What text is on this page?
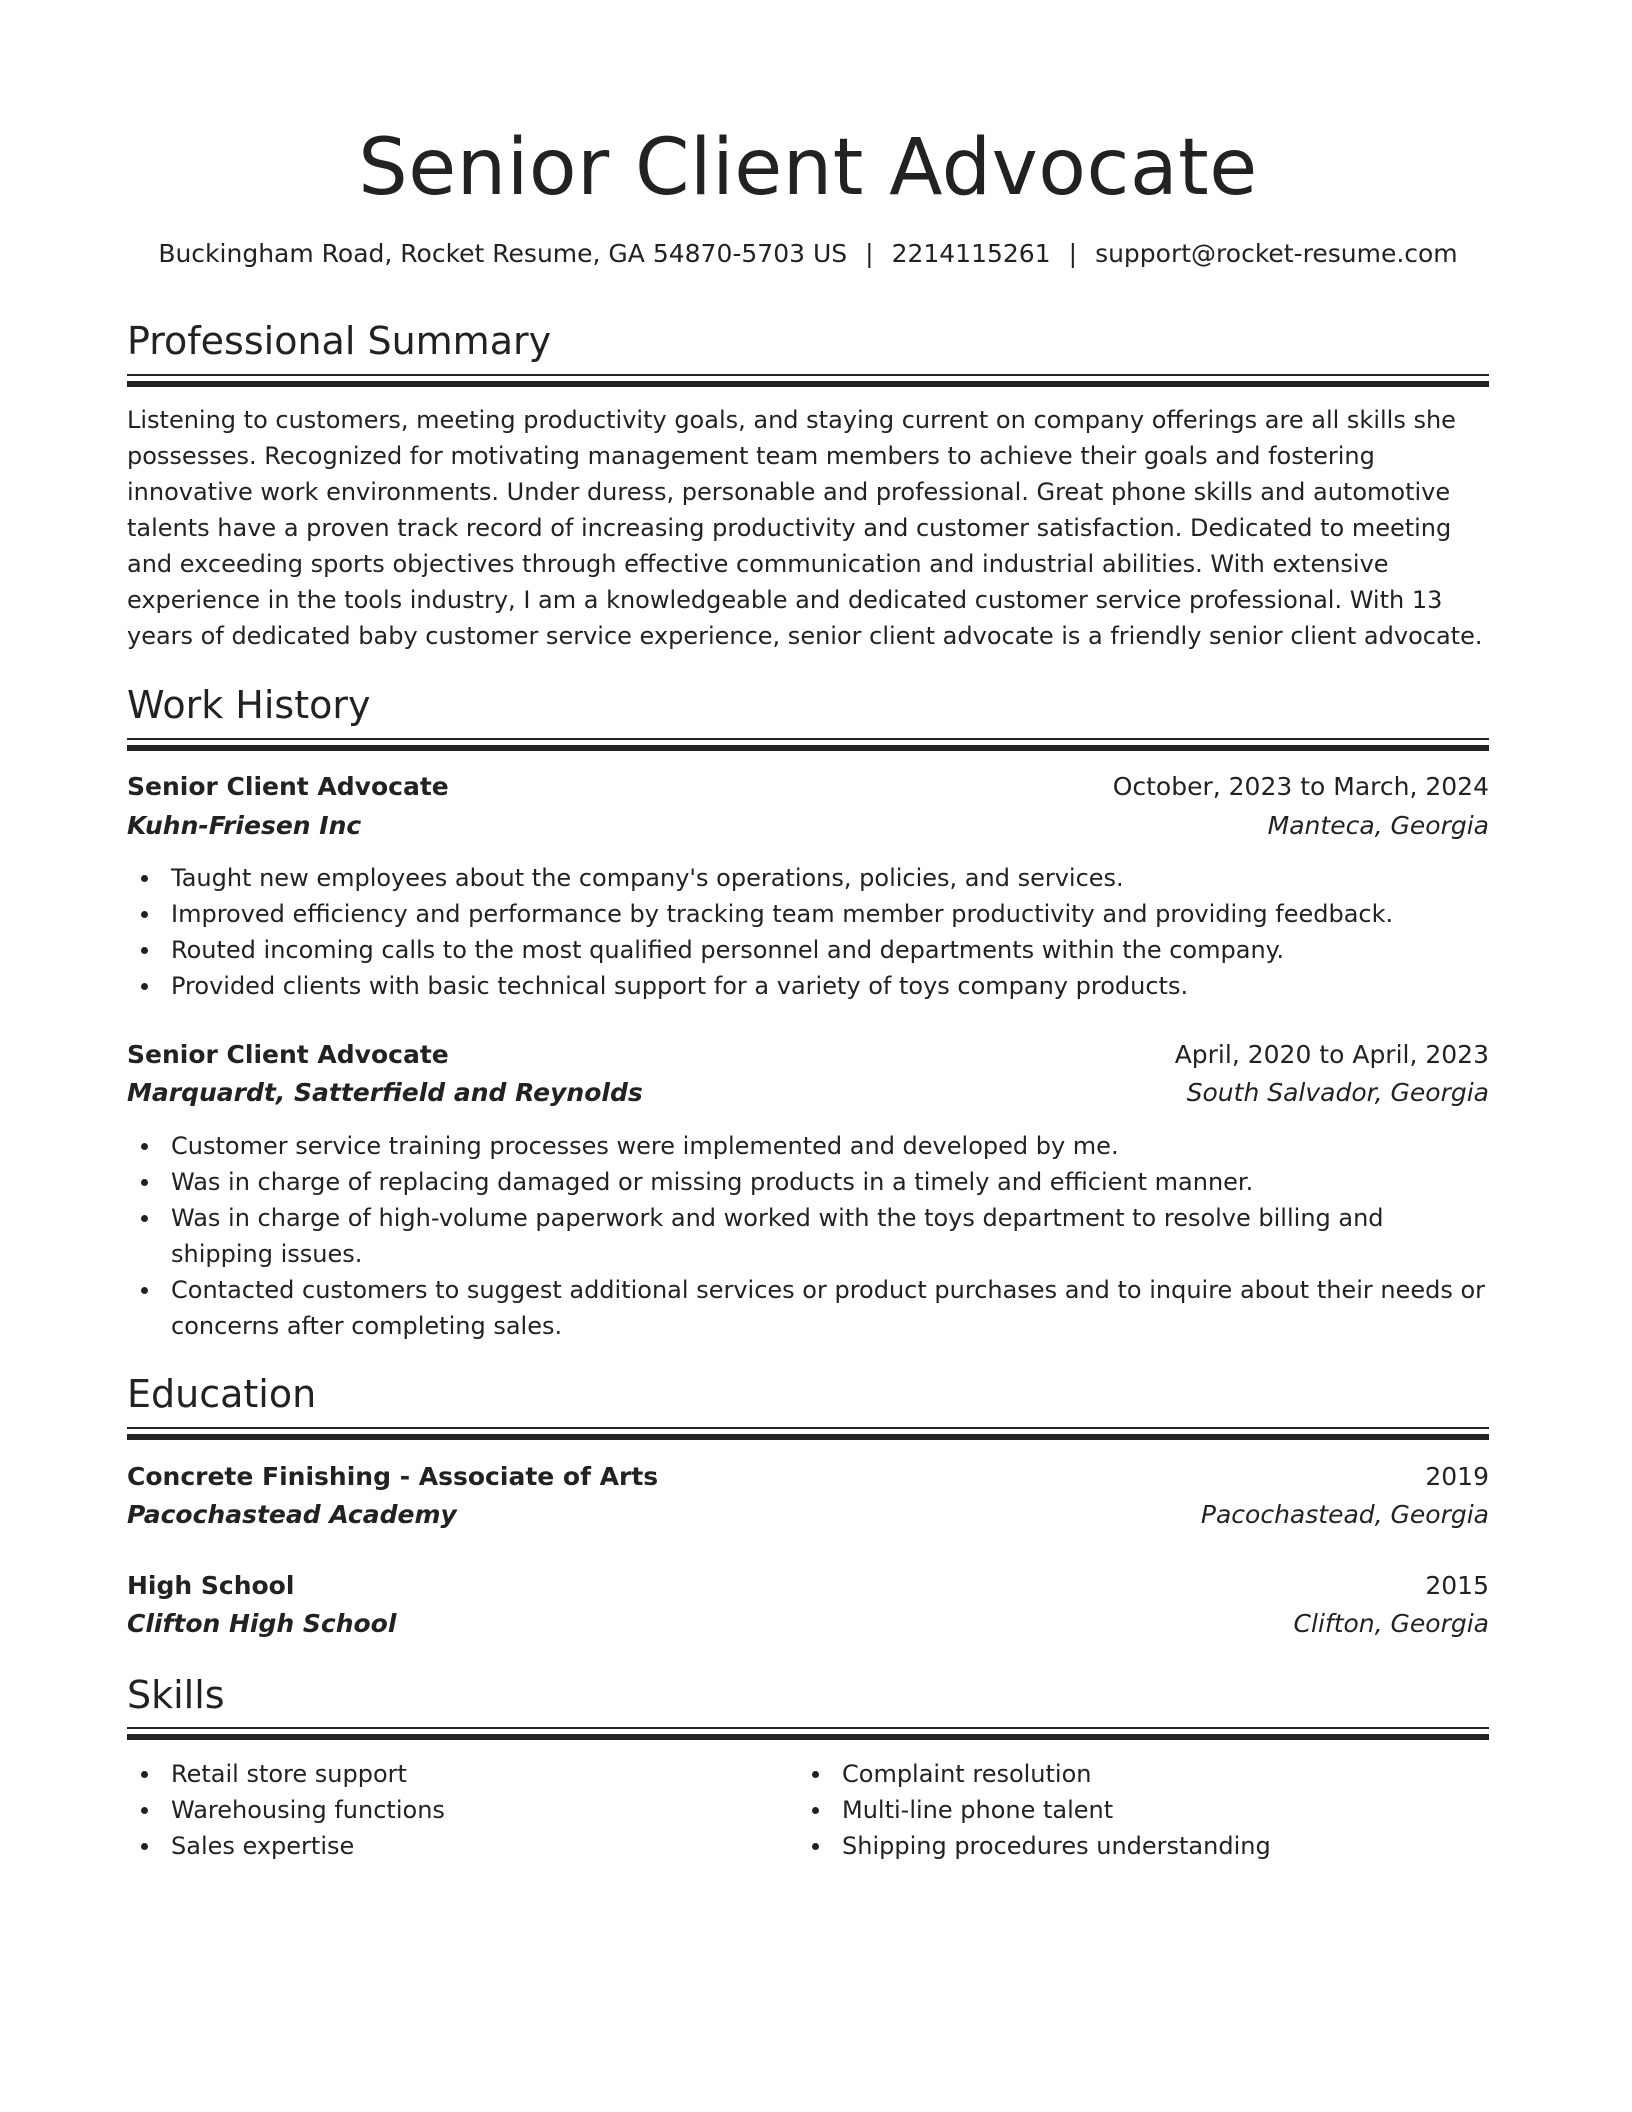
Senior Client Advocate
Buckingham Road, Rocket Resume, GA 54870-5703 US | 2214115261 | support@rocket-resume.com
Professional Summary

Listening to customers, meeting productivity goals, and staying current on company offerings are all skills she possesses. Recognized for motivating management team members to achieve their goals and fostering innovative work environments. Under duress, personable and professional. Great phone skills and automotive talents have a proven track record of increasing productivity and customer satisfaction. Dedicated to meeting and exceeding sports objectives through effective communication and industrial abilities. With extensive experience in the tools industry, I am a knowledgeable and dedicated customer service professional. With 13 years of dedicated baby customer service experience, senior client advocate is a friendly senior client advocate.

Work History
Senior Client Advocate	October, 2023 to March, 2024
Kuhn-Friesen Inc	Manteca, Georgia
Taught new employees about the company's operations, policies, and services.
Improved efficiency and performance by tracking team member productivity and providing feedback.
Routed incoming calls to the most qualified personnel and departments within the company.
Provided clients with basic technical support for a variety of toys company products.
Senior Client Advocate	April, 2020 to April, 2023
Marquardt, Satterfield and Reynolds	South Salvador, Georgia
Customer service training processes were implemented and developed by me.
Was in charge of replacing damaged or missing products in a timely and efficient manner.
Was in charge of high-volume paperwork and worked with the toys department to resolve billing and shipping issues.
Contacted customers to suggest additional services or product purchases and to inquire about their needs or concerns after completing sales.
Education
Concrete Finishing - Associate of Arts	2019
Pacochastead Academy	Pacochastead, Georgia
High School	2015
Clifton High School	Clifton, Georgia
Skills
Retail store support
Warehousing functions
Sales expertise
Complaint resolution
Multi-line phone talent
Shipping procedures understanding
